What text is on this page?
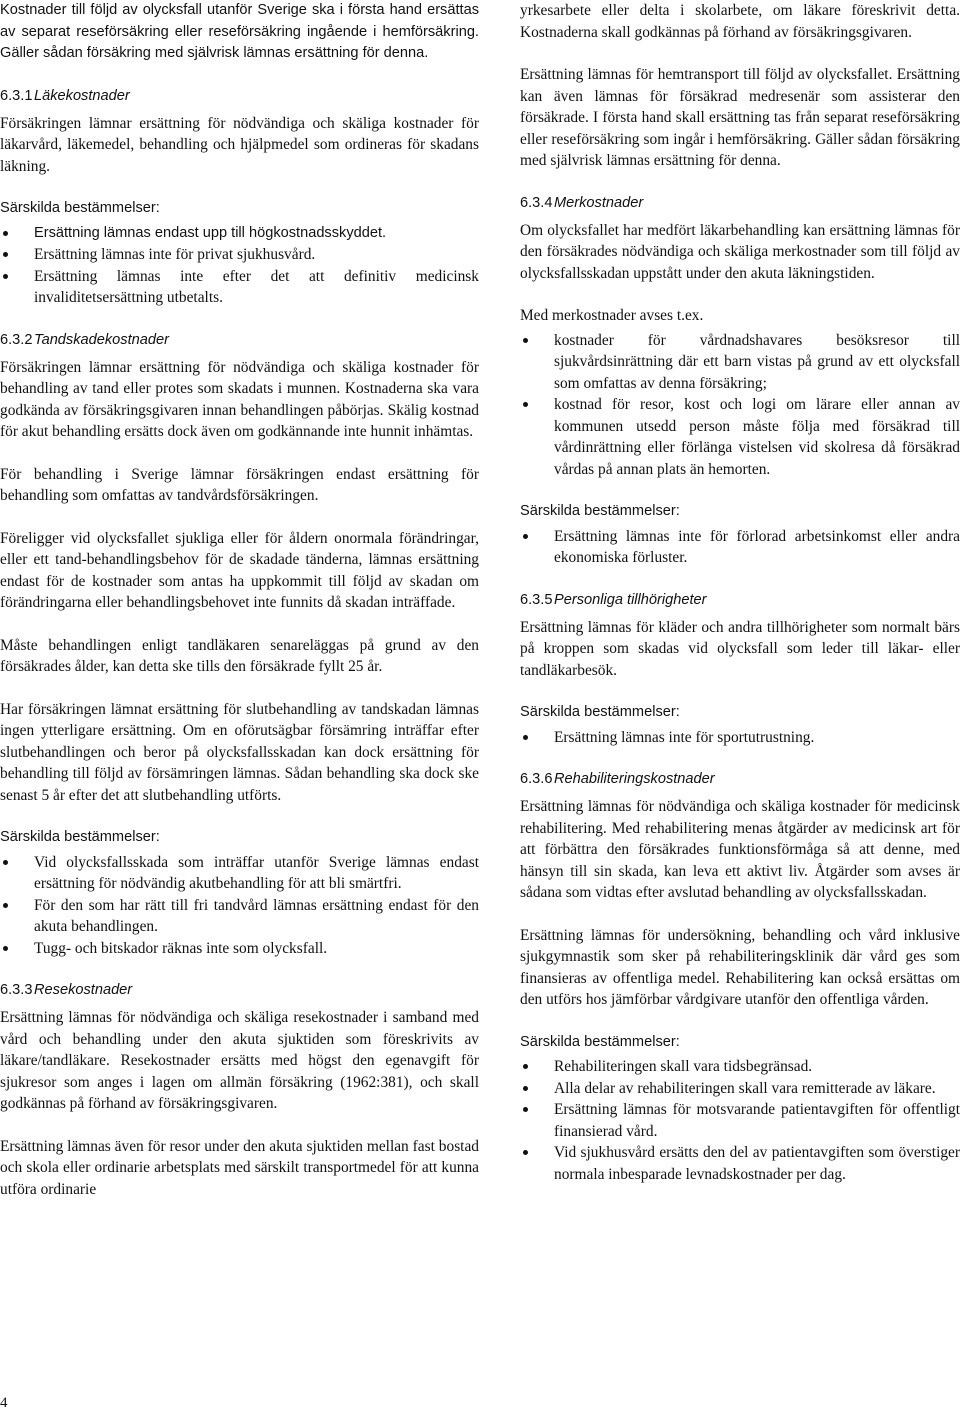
Kostnader till följd av olycksfall utanför Sverige ska i första hand ersättas av separat reseförsäkring eller reseförsäkring ingående i hemförsäkring. Gäller sådan försäkring med självrisk lämnas ersättning för denna.

6.3.1 Läkekostnader

Försäkringen lämnar ersättning för nödvändiga och skäliga kostnader för läkarvård, läkemedel, behandling och hjälpmedel som ordineras för skadans läkning.

Särskilda bestämmelser:
Ersättning lämnas endast upp till högkostnadsskyddet.
Ersättning lämnas inte för privat sjukhusvård.
Ersättning lämnas inte efter det att definitiv medicinsk invaliditetsersättning utbetalts.
6.3.2 Tandskadekostnader

Försäkringen lämnar ersättning för nödvändiga och skäliga kostnader för behandling av tand eller protes som skadats i munnen. Kostnaderna ska vara godkända av försäkringsgivaren innan behandlingen påbörjas. Skälig kostnad för akut behandling ersätts dock även om godkännande inte hunnit inhämtas.

För behandling i Sverige lämnar försäkringen endast ersättning för behandling som omfattas av tandvårdsförsäkringen.

Föreligger vid olycksfallet sjukliga eller för åldern onormala förändringar, eller ett tand-behandlingsbehov för de skadade tänderna, lämnas ersättning endast för de kostnader som antas ha uppkommit till följd av skadan om förändringarna eller behandlingsbehovet inte funnits då skadan inträffade.

Måste behandlingen enligt tandläkaren senareläggas på grund av den försäkrades ålder, kan detta ske tills den försäkrade fyllt 25 år.

Har försäkringen lämnat ersättning för slutbehandling av tandskadan lämnas ingen ytterligare ersättning. Om en oförutsägbar försämring inträffar efter slutbehandlingen och beror på olycksfallsskadan kan dock ersättning för behandling till följd av försämringen lämnas. Sådan behandling ska dock ske senast 5 år efter det att slutbehandling utförts.

Särskilda bestämmelser:
Vid olycksfallsskada som inträffar utanför Sverige lämnas endast ersättning för nödvändig akutbehandling för att bli smärtfri.
För den som har rätt till fri tandvård lämnas ersättning endast för den akuta behandlingen.
Tugg- och bitskador räknas inte som olycksfall.
6.3.3 Resekostnader

Ersättning lämnas för nödvändiga och skäliga resekostnader i samband med vård och behandling under den akuta sjuktiden som föreskrivits av läkare/tandläkare. Resekostnader ersätts med högst den egenavgift för sjukresor som anges i lagen om allmän försäkring (1962:381), och skall godkännas på förhand av försäkringsgivaren.

Ersättning lämnas även för resor under den akuta sjuktiden mellan fast bostad och skola eller ordinarie arbetsplats med särskilt transportmedel för att kunna utföra ordinarie

4

yrkesarbete eller delta i skolarbete, om läkare föreskrivit detta. Kostnaderna skall godkännas på förhand av försäkringsgivaren.

Ersättning lämnas för hemtransport till följd av olycksfallet. Ersättning kan även lämnas för försäkrad medresenär som assisterar den försäkrade. I första hand skall ersättning tas från separat reseförsäkring eller reseförsäkring som ingår i hemförsäkring. Gäller sådan försäkring med självrisk lämnas ersättning för denna.

6.3.4 Merkostnader

Om olycksfallet har medfört läkarbehandling kan ersättning lämnas för den försäkrades nödvändiga och skäliga merkostnader som till följd av olycksfallsskadan uppstått under den akuta läkningstiden.

Med merkostnader avses t.ex.

kostnader för vårdnadshavares besöksresor till sjukvårdsinrättning där ett barn vistas på grund av ett olycksfall som omfattas av denna försäkring;
kostnad för resor, kost och logi om lärare eller annan av kommunen utsedd person måste följa med försäkrad till vårdinrättning eller förlänga vistelsen vid skolresa då försäkrad vårdas på annan plats än hemorten.
Särskilda bestämmelser:
Ersättning lämnas inte för förlorad arbetsinkomst eller andra ekonomiska förluster.
6.3.5 Personliga tillhörigheter

Ersättning lämnas för kläder och andra tillhörigheter som normalt bärs på kroppen som skadas vid olycksfall som leder till läkar- eller tandläkarbesök.

Särskilda bestämmelser:
Ersättning lämnas inte för sportutrustning.
6.3.6 Rehabiliteringskostnader

Ersättning lämnas för nödvändiga och skäliga kostnader för medicinsk rehabilitering. Med rehabilitering menas åtgärder av medicinsk art för att förbättra den försäkrades funktionsförmåga så att denne, med hänsyn till sin skada, kan leva ett aktivt liv. Åtgärder som avses är sådana som vidtas efter avslutad behandling av olycksfallsskadan.

Ersättning lämnas för undersökning, behandling och vård inklusive sjukgymnastik som sker på rehabiliteringsklinik där vård ges som finansieras av offentliga medel. Rehabilitering kan också ersättas om den utförs hos jämförbar vårdgivare utanför den offentliga vården.

Särskilda bestämmelser:
Rehabiliteringen skall vara tidsbegränsad.
Alla delar av rehabiliteringen skall vara remitterade av läkare.
Ersättning lämnas för motsvarande patientavgiften för offentligt finansierad vård.
Vid sjukhusvård ersätts den del av patientavgiften som överstiger normala inbesparade levnadskostnader per dag.
